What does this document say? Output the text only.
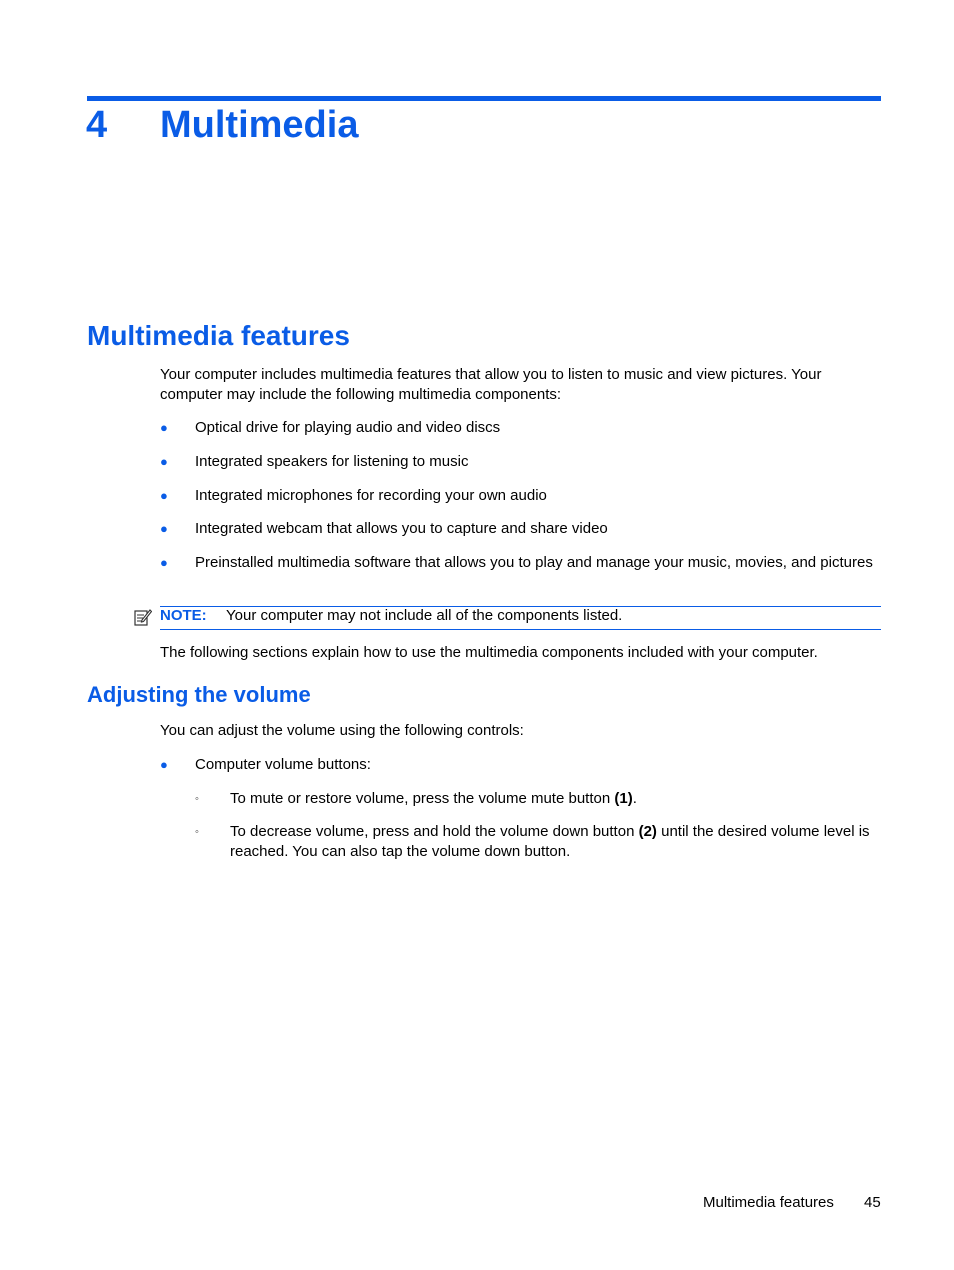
4 Multimedia
Multimedia features
Your computer includes multimedia features that allow you to listen to music and view pictures. Your computer may include the following multimedia components:
● Optical drive for playing audio and video discs
● Integrated speakers for listening to music
● Integrated microphones for recording your own audio
● Integrated webcam that allows you to capture and share video
● Preinstalled multimedia software that allows you to play and manage your music, movies, and pictures
NOTE: Your computer may not include all of the components listed.
The following sections explain how to use the multimedia components included with your computer.
Adjusting the volume
You can adjust the volume using the following controls:
● Computer volume buttons:
◦ To mute or restore volume, press the volume mute button (1).
◦ To decrease volume, press and hold the volume down button (2) until the desired volume level is reached. You can also tap the volume down button.
Multimedia features 45
